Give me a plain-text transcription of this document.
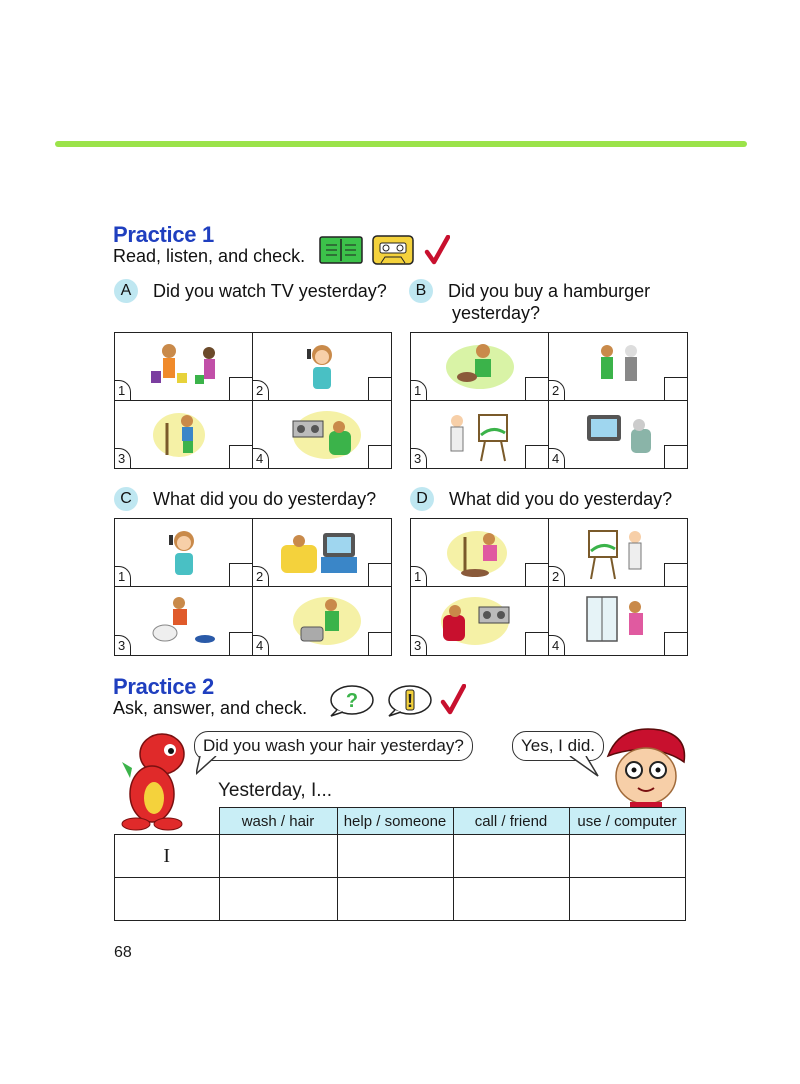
Practice 1
Read, listen, and check.
A	Did you watch TV yesterday?	B	Did you buy a hamburger
yesterday?
1	2
3	4
1	2
3	4
C	What did you do yesterday?	D	What did you do yesterday?
1	2
3	4
1	2
3	4
Practice 2
Ask, answer, and check. ?	!
Did you wash your hair yesterday?	Yes, I did.
Yesterday, I...
	wash / hair	help / someone	call / friend	use / computer
I				

68
